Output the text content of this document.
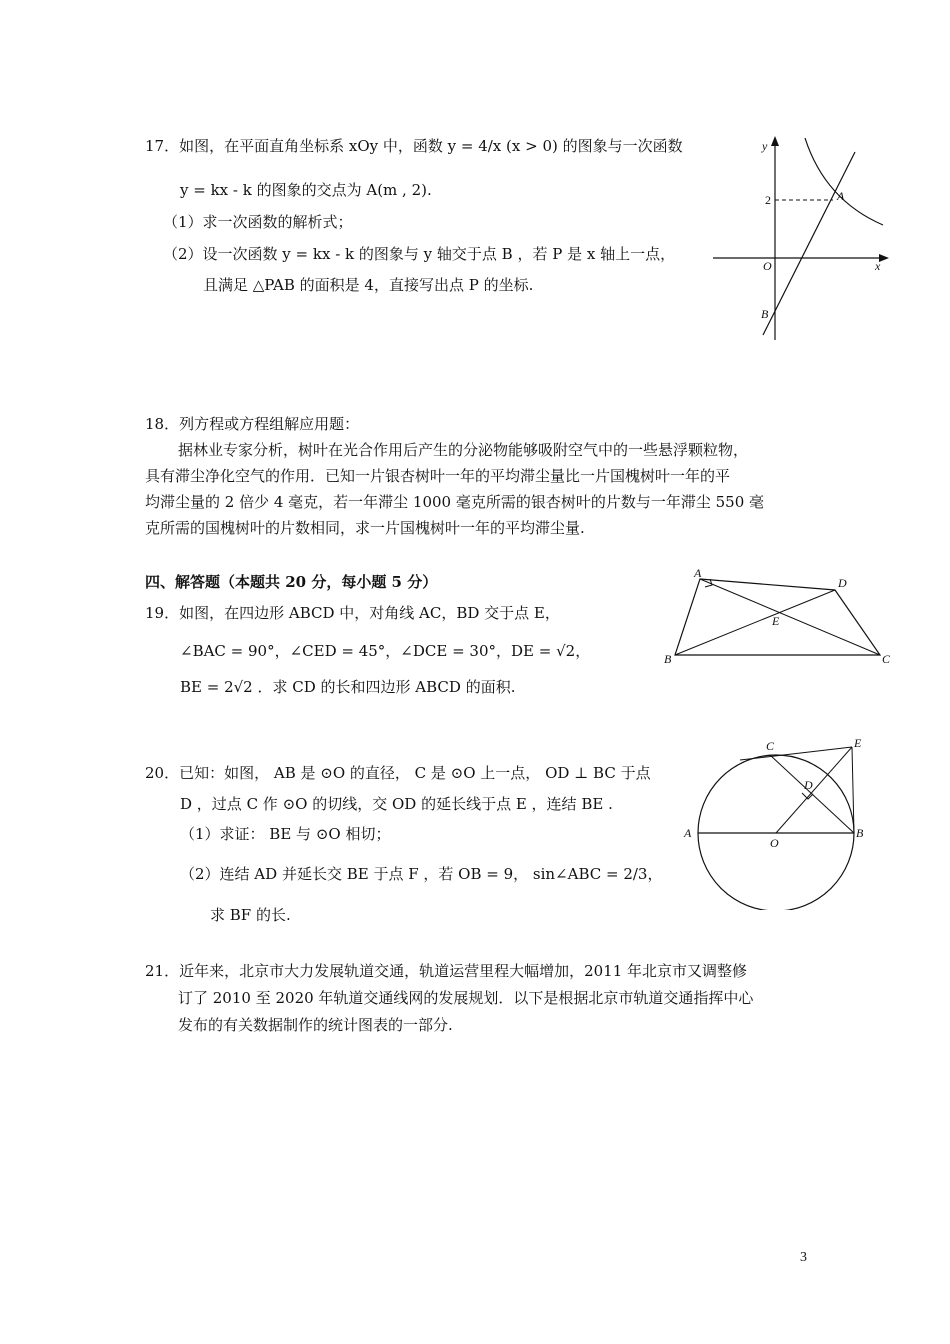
17．如图，在平面直角坐标系 xOy 中，函数 y = 4/x (x > 0) 的图象与一次函数
y = kx - k 的图象的交点为 A(m , 2).
（1）求一次函数的解析式；
（2）设一次函数 y = kx - k 的图象与 y 轴交于点 B ，若 P 是 x 轴上一点，
且满足 △PAB 的面积是 4，直接写出点 P 的坐标.
y
x
O
A
B
2
18．列方程或方程组解应用题：
据林业专家分析，树叶在光合作用后产生的分泌物能够吸附空气中的一些悬浮颗粒物，
具有滞尘净化空气的作用．已知一片银杏树叶一年的平均滞尘量比一片国槐树叶一年的平
均滞尘量的 2 倍少 4 毫克，若一年滞尘 1000 毫克所需的银杏树叶的片数与一年滞尘 550 毫
克所需的国槐树叶的片数相同，求一片国槐树叶一年的平均滞尘量.
四、解答题（本题共 20 分，每小题 5 分）
19．如图，在四边形 ABCD 中，对角线 AC，BD 交于点 E，
∠BAC = 90°，∠CED = 45°，∠DCE = 30°，DE = √2，
BE = 2√2 ．求 CD 的长和四边形 ABCD 的面积.
A
B	C
D
E
20．已知：如图， AB 是 ⊙O 的直径， C 是 ⊙O 上一点， OD ⊥ BC 于点
D ，过点 C 作 ⊙O 的切线，交 OD 的延长线于点 E ，连结 BE .
（1）求证： BE 与 ⊙O 相切；
（2）连结 AD 并延长交 BE 于点 F ，若 OB = 9， sin∠ABC = 2/3，
求 BF 的长.
A	B
C
D
E
O
21．近年来，北京市大力发展轨道交通，轨道运营里程大幅增加，2011 年北京市又调整修
订了 2010 至 2020 年轨道交通线网的发展规划．以下是根据北京市轨道交通指挥中心
发布的有关数据制作的统计图表的一部分.
3
